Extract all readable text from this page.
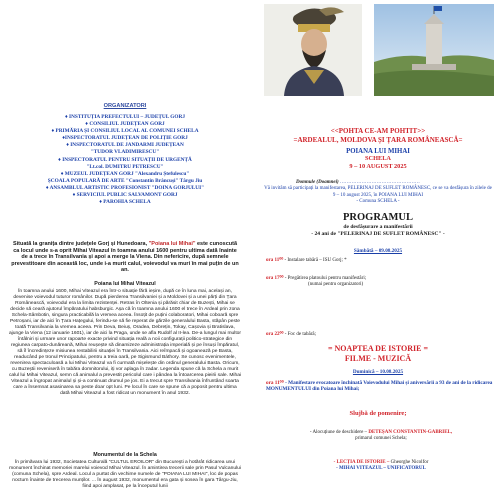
ORGANIZATORI
♦ INSTITUȚIA PREFECTULUI – JUDEȚUL GORJ
♦ CONSILIUL JUDEȚEAN GORJ
♦ PRIMĂRIA ȘI CONSILIUL LOCAL AL COMUNEI SCHELA
♦INSPECTORATUL JUDEȚEAN DE POLIȚIE GORJ
♦ INSPECTORATUL DE JANDARMI JUDEȚEAN
"TUDOR VLADIMIRESCU"
♦ INSPECTORATUL PENTRU SITUAȚII DE URGENȚĂ
"Lt.col. DUMITRU PETRESCU"
♦ MUZEUL JUDEȚEAN GORJ "Alexandru Ștefulescu"
ȘCOALA POPULARĂ DE ARTE "Constantin Brâncuși" Târgu Jiu
♦ ANSAMBLUL ARTISTIC PROFESIONIST "DOINA GORJULUI"
♦ SERVICIUL PUBLIC SALVAMONT GORJ
♦ PAROHIA SCHELA
Situată la granița dintre județele Gorj și Hunedoara, "Poiana lui Mihai" este cunoscută ca locul unde s-a oprit Mihai Viteazul în toamna anului 1600 pentru ultima dată înainte de a trece în Transilvania și apoi a merge la Viena. Din nefericire, după semnele prevestitoare din această loc, unde i-a murit calul, voievodul va muri în mai puțin de un an.
Poiana lui Mihai Viteazul
În toamna anului 1600, Mihai Viteazul era într-o situație fără ieșire, după ce în luna mai, același an, devenise voievodul tuturor românilor. După pierderea Transilvaniei și a Moldovei și a unei părți din Țara Românească, voievodul era la limita rezistenței. Retras în Oltenia și părăsit chiar de Buzești, Mihai se decide să ceară ajutorul împăratului habsburgic. Așa că în toamna anului 1600 el trece în Ardeal prin zona Schela-Sâmbotin, singura practicabilă la vremea aceea. Însoțit de puțini colaboratori, Mihai coboară spre Petroșani, iar de aici în Țara Hațegului, ferindu-se să fie reperat de gărzile generalului Basta, stăpân peste toată Transilvania la vremea aceea. Prin Deva, Beiuș, Oradea, Debrețin, Tokay, Cașovia și Bratislava, ajunge la Viena (12 ianuarie 1601), iar de aici la Praga, unde se afla Rudolf al II-lea. De-a lungul mai multor întâlniri și urmare unor rapoarte exacte privind situația reală a noii configurații politico-strategice din regiunea carpato-dunăreană, Mihai reușește să dinamizeze administrația imperială și pe însuși împăratul, să îl încredințeze misiunea restabilirii situației în Transilvania. Aici reîmpacă și ogoanează pe Basta, readucând pe tronul Principatului, pentru a treia oară, pe Sigismund Báthory. Se cunosc evenimentele, revenirea spectaculoasă a lui Mihai Viteazul va fi curmată mișelește din ordinul generalului Basta. Oricum, cu Buzeștii reveniseră în tabăra domnitorului, iți vor aplaga în zadar. Legenda spune că la Schela a murit calul lui Mihai Viteazul, semn că animalul a prevestit pericolul care i pândea la întoarcerea pieirii sale. Mihai Viteazul a îngropat animalul și și-a continuat drumul pe jos. Ei a trecut spre Transilvania înfruntând soarta care a însemnat asasinarea sa peste doar opt luni. Pe locul în care se spune că a poposit pentru ultima dată Mihai Viteazul a fost ridicat un monument în anul 1932.
Monumentul de la Schela
În primăvara lui 1932, Societatea Culturală "CULTUL EROILOR" din București a hotărât ridicarea unui monument închinat memoriei marelui voievod Mihai Viteazul. În amintirea trecerii sale prin Pasul Vulcanului (comuna Schela), spre Ardeal. Locul a purtat din vechime numele de "POIANA LUI MIHAI", loc de popas nocturn înainte de trecerea munților. ... În august 1932, monumentul era gata și sosea în gara Târgu-Jiu, fiind apoi amplasat, pe la începutul lunii
<<POHTA CE-AM POHTIT>>
=ARDEALUL, MOLDOVA ȘI ȚARA ROMÂNEASCĂ=
POIANA LUI MIHAI
SCHELA
9 – 10 AUGUST 2025
Domnule (Doamnei) …………………………………………
Vă invităm să participați la manifestarea, PELERINAJ DE SUFLET ROMÂNESC, ce se va desfășura în zilele de 9 – 10 august 2025, în POIANA LUI MIHAI
- Comuna SCHELA -
PROGRAMUL
de desfășurare a manifestării
- 24 ani de "PELERINAJ DE SUFLET ROMÂNESC" -
Sâmbătă – 09.08.2025
ora 11⁰⁰ - Instalare tabără – ISU Gorj; *
ora 17⁰⁰ - Pregătirea platoului pentru manifestări;
(numai pentru organizatori)
ora 22⁰⁰ - Foc de tabără;
= NOAPTEA DE ISTORIE =
FILME - MUZICĂ
Duminică – 10.08.2025
ora 11⁰⁰ - Manifestare evocatoare închinată Voievodului Mihai și aniversării a 93 de ani de la ridicarea MONUMENTULUI din Poiana lui Mihai;
Slujbă de pomenire;
- Alocuțiune de deschidere – DETEȘAN CONSTANTIN-GABRIEL,
primarul comunei Schela;
- LECȚIA DE ISTORIE – Gheorghe Nicolfor
- MIHAI VITEAZUL – UNIFICATORUL
